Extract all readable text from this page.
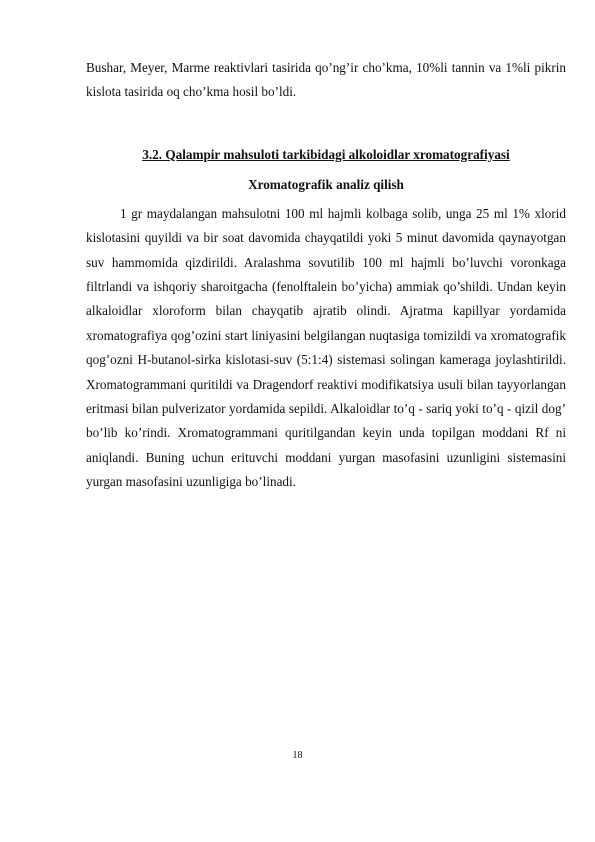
Bushar, Meyer, Marme reaktivlari tasirida qo’ng’ir cho’kma, 10%li tannin va 1%li pikrin kislota tasirida oq cho’kma hosil bo’ldi.

3.2. Qalampir mahsuloti tarkibidagi alkoloidlar xromatografiyasi
Xromatografik analiz qilish

1 gr maydalangan mahsulotni 100 ml hajmli kolbaga solib, unga 25 ml 1% xlorid kislotasini quyildi va bir soat davomida chayqatildi yoki 5 minut davomida qaynayotgan suv hammomida qizdirildi. Aralashma sovutilib 100 ml hajmli bo’luvchi voronkaga filtrlandi va ishqoriy sharoitgacha (fenolftalein bo’yicha) ammiak qo’shildi. Undan keyin alkaloidlar xloroform bilan chayqatib ajratib olindi. Ajratma kapillyar yordamida xromatografiya qog’ozini start liniyasini belgilangan nuqtasiga tomizildi va xromatografik qog’ozni H-butanol-sirka kislotasi-suv (5:1:4) sistemasi solingan kameraga joylashtirildi. Xromatogrammani quritildi va Dragendorf reaktivi modifikatsiya usuli bilan tayyorlangan eritmasi bilan pulverizator yordamida sepildi. Alkaloidlar to’q - sariq yoki to’q - qizil dog’ bo’lib ko’rindi. Xromatogrammani quritilgandan keyin unda topilgan moddani Rf ni aniqlandi. Buning uchun erituvchi moddani yurgan masofasini uzunligini sistemasini yurgan masofasini uzunligiga bo’linadi.

18
